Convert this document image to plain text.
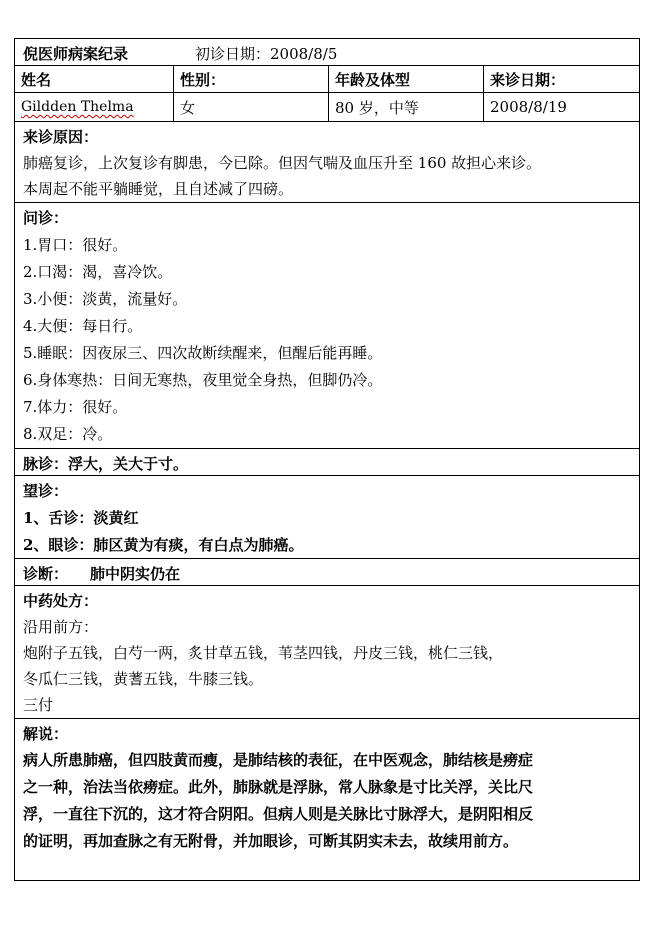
倪医师病案纪录	初诊日期：2008/8/5
姓名	性别：	年龄及体型	来诊日期：
Gildden Thelma	女	80 岁，中等	2008/8/19
来诊原因：
肺癌复诊，上次复诊有脚患，今已除。但因气喘及血压升至 160 故担心来诊。
本周起不能平躺睡觉，且自述减了四磅。
问诊：
1.胃口：很好。
2.口渴：渴，喜冷饮。
3.小便：淡黄，流量好。
4.大便：每日行。
5.睡眠：因夜尿三、四次故断续醒来，但醒后能再睡。
6.身体寒热：日间无寒热，夜里觉全身热，但脚仍冷。
7.体力：很好。
8.双足：冷。
脉诊：浮大，关大于寸。
望诊：
1、舌诊：淡黄红
2、眼诊：肺区黄为有痰，有白点为肺癌。
诊断： 肺中阴实仍在
中药处方：
沿用前方：
炮附子五钱，白芍一两，炙甘草五钱，苇茎四钱，丹皮三钱，桃仁三钱，
冬瓜仁三钱，黄蓍五钱，牛膝三钱。
三付
解说：
病人所患肺癌，但四肢黄而瘦，是肺结核的表征，在中医观念，肺结核是痨症
之一种，治法当依痨症。此外，肺脉就是浮脉，常人脉象是寸比关浮，关比尺
浮，一直往下沉的，这才符合阴阳。但病人则是关脉比寸脉浮大，是阴阳相反
的证明，再加查脉之有无附骨，并加眼诊，可断其阴实未去，故续用前方。
